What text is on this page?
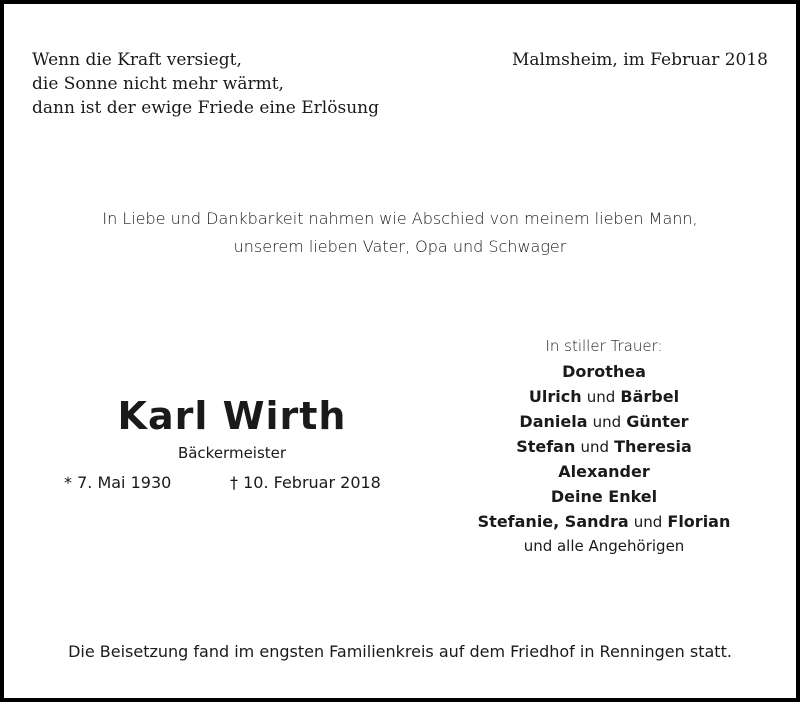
Wenn die Kraft versiegt,
die Sonne nicht mehr wärmt,
dann ist der ewige Friede eine Erlösung
Malmsheim, im Februar 2018
In Liebe und Dankbarkeit nahmen wie Abschied von meinem lieben Mann,
unserem lieben Vater, Opa und Schwager
Karl Wirth
Bäckermeister
* 7. Mai 1930	† 10. Februar 2018
In stiller Trauer:
Dorothea
Ulrich und Bärbel
Daniela und Günter
Stefan und Theresia
Alexander
Deine Enkel
Stefanie, Sandra und Florian
und alle Angehörigen
Die Beisetzung fand im engsten Familienkreis auf dem Friedhof in Renningen statt.
